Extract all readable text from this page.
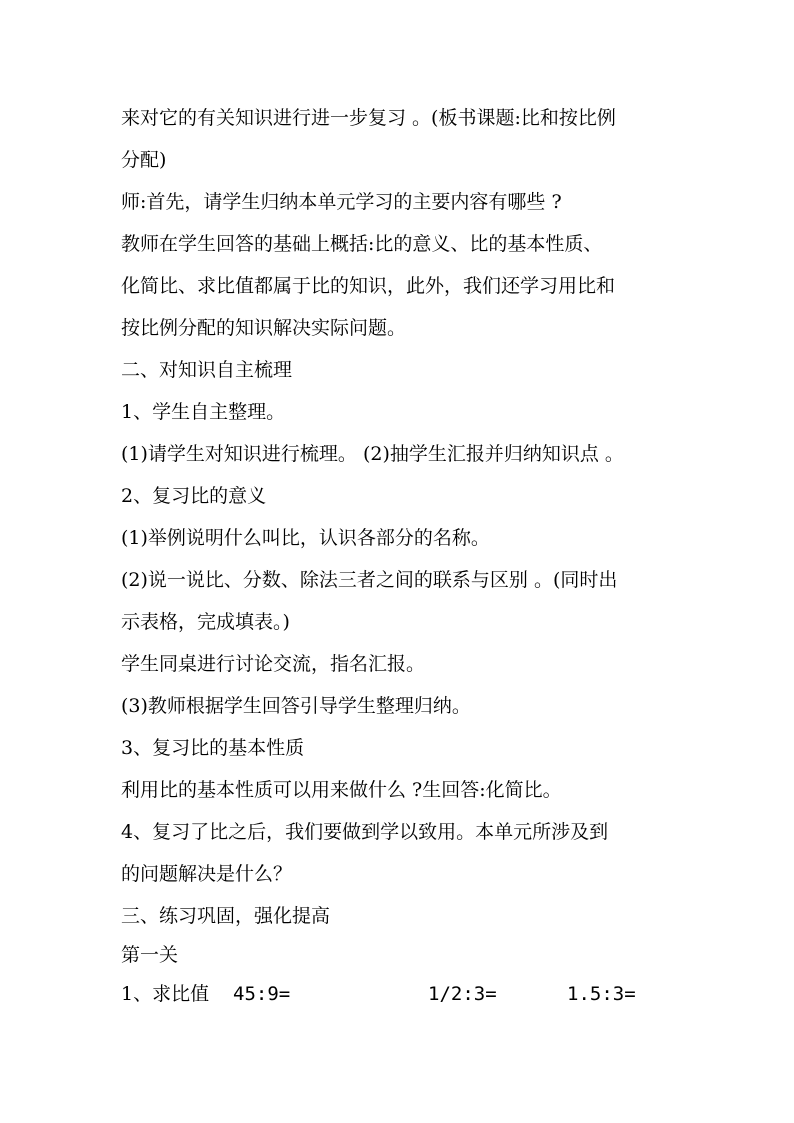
来对它的有关知识进行进一步复习 。(板书课题:比和按比例
分配)
师:首先，请学生归纳本单元学习的主要内容有哪些 ?
教师在学生回答的基础上概括:比的意义、比的基本性质、
化简比、求比值都属于比的知识，此外，我们还学习用比和
按比例分配的知识解决实际问题。
二、对知识自主梳理
1、学生自主整理。
(1)请学生对知识进行梳理。 (2)抽学生汇报并归纳知识点 。
2、复习比的意义
(1)举例说明什么叫比，认识各部分的名称。
(2)说一说比、分数、除法三者之间的联系与区别 。(同时出
示表格，完成填表。)
学生同桌进行讨论交流，指名汇报。
(3)教师根据学生回答引导学生整理归纳。
3、复习比的基本性质
利用比的基本性质可以用来做什么 ?生回答:化简比。
4、复习了比之后，我们要做到学以致用。本单元所涉及到
的问题解决是什么？
三、练习巩固，强化提高
第一关
1、求比值 45:9=	1/2:3=	1.5:3=
